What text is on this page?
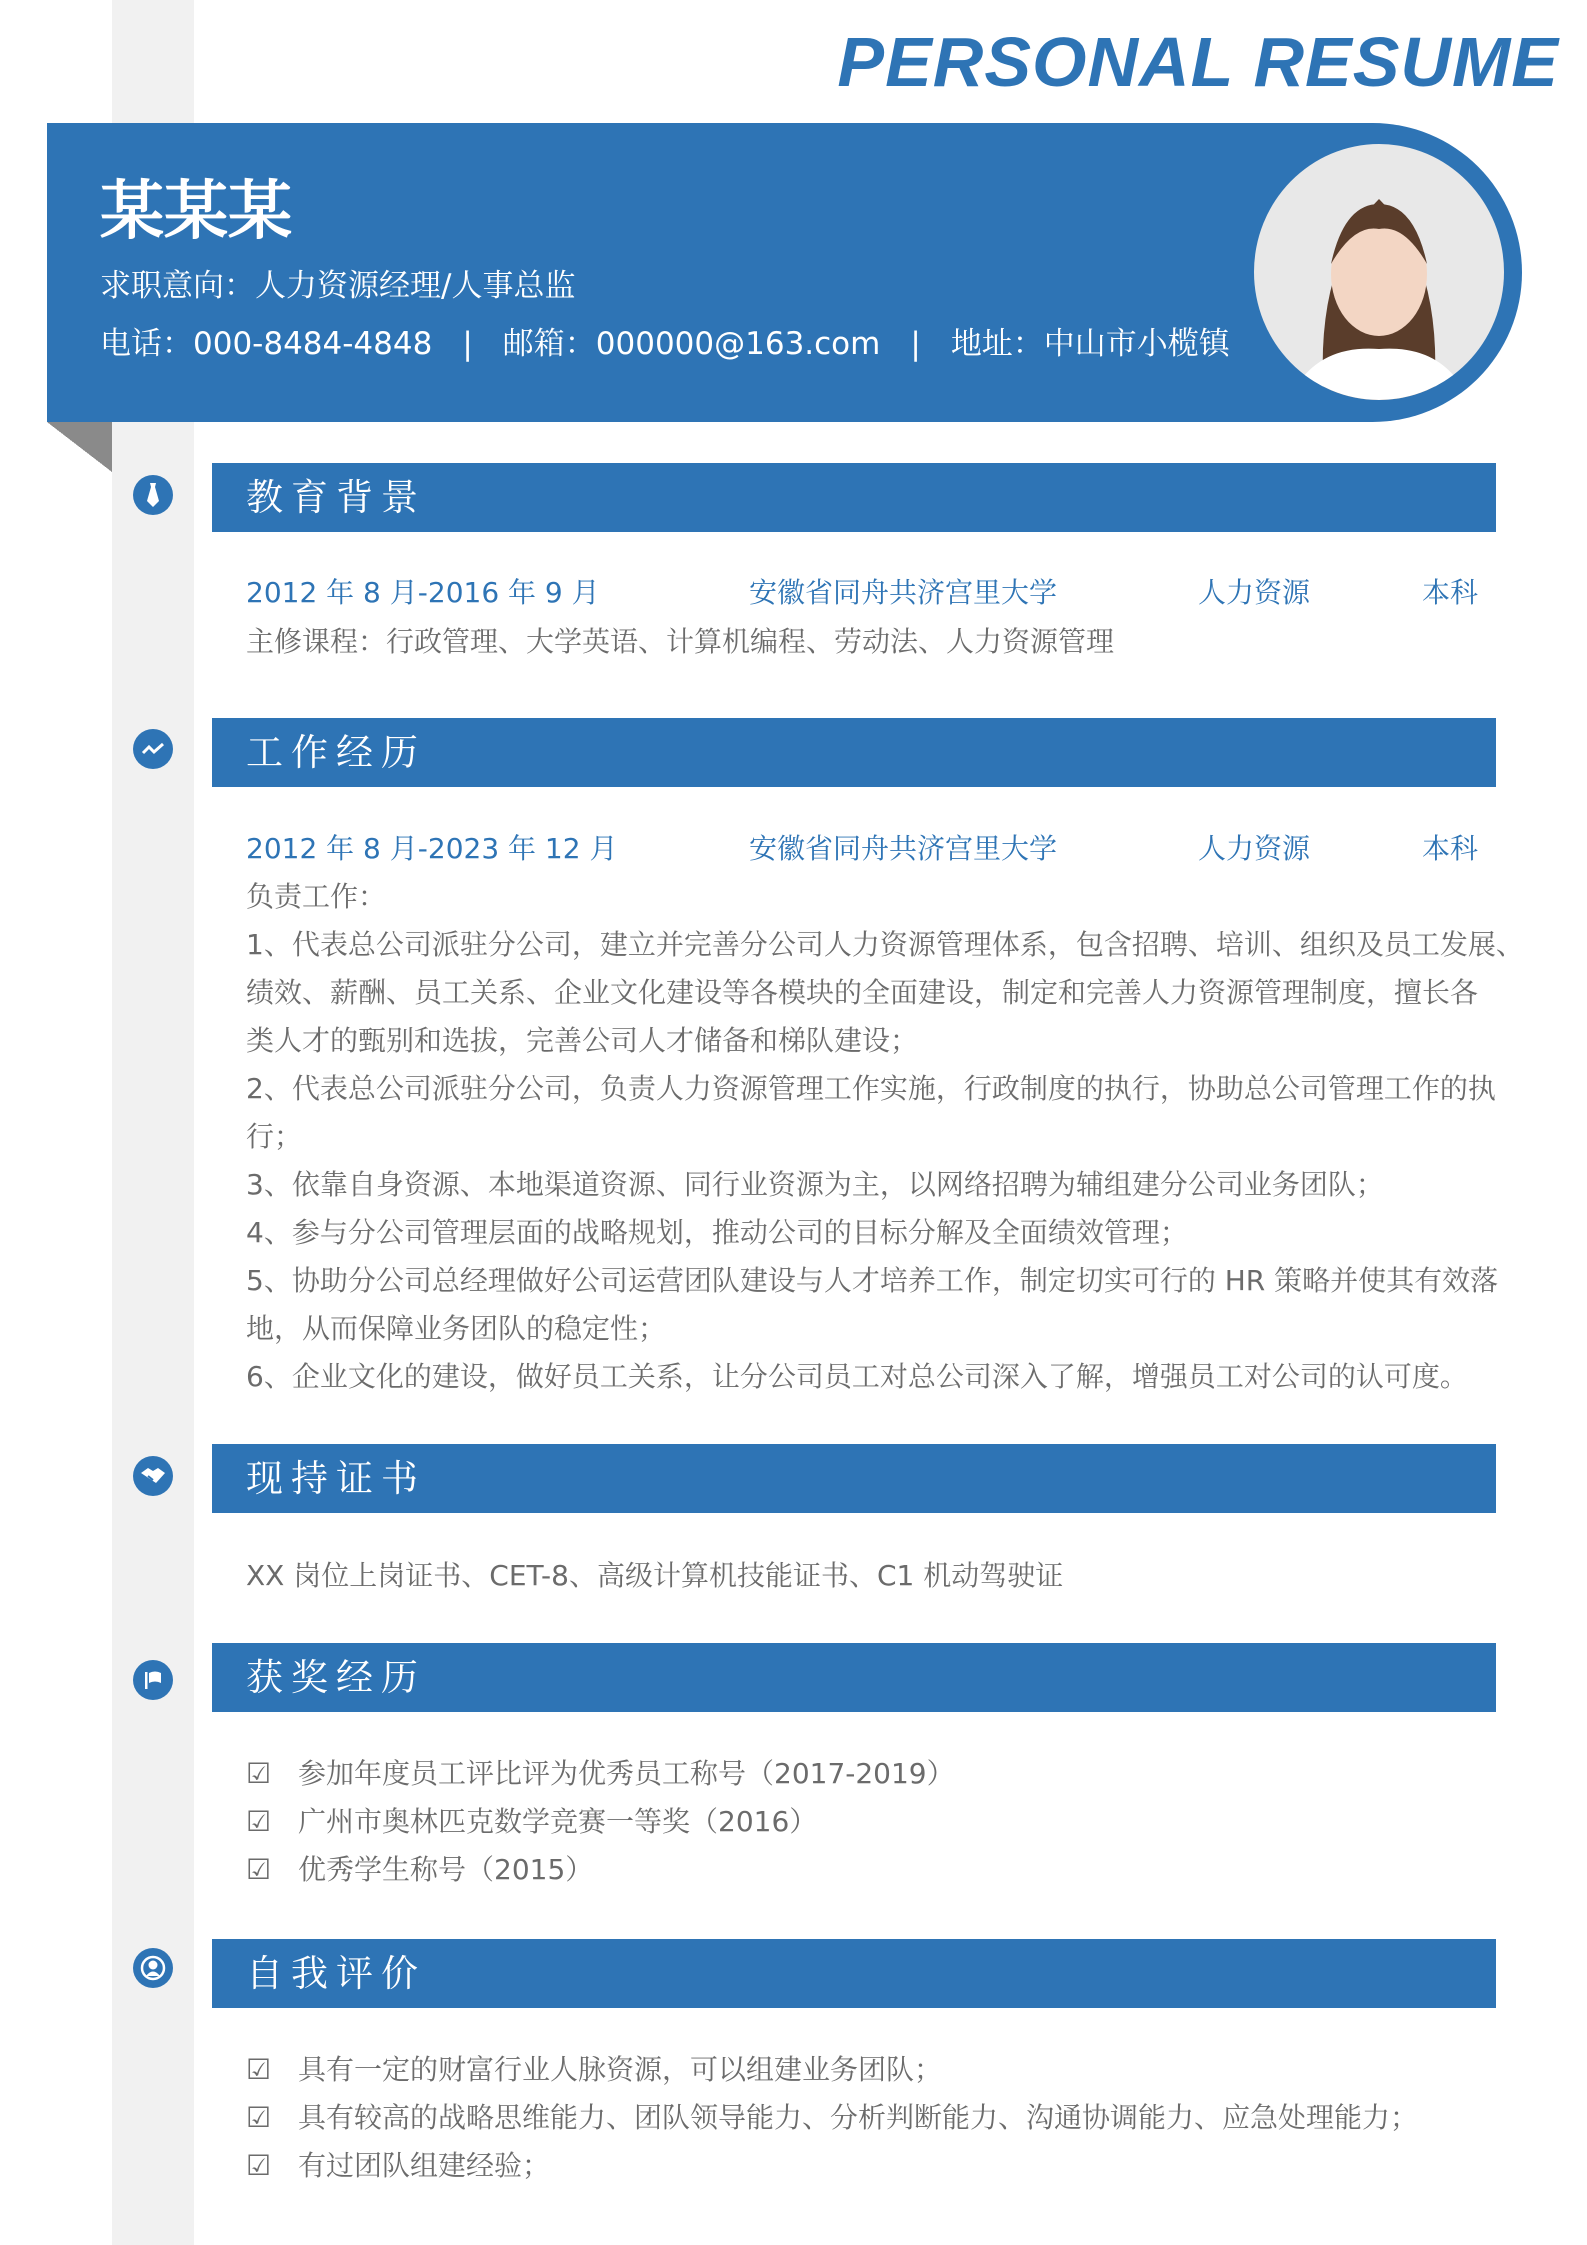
PERSONAL RESUME
某某某
求职意向：人力资源经理/人事总监
电话：000-8484-4848 | 邮箱：000000@163.com | 地址：中山市小榄镇
教育背景
2012 年 8 月-2016 年 9 月	安徽省同舟共济宫里大学	人力资源	本科
主修课程：行政管理、大学英语、计算机编程、劳动法、人力资源管理
工作经历
2012 年 8 月-2023 年 12 月	安徽省同舟共济宫里大学	人力资源	本科
负责工作：
1、代表总公司派驻分公司，建立并完善分公司人力资源管理体系，包含招聘、培训、组织及员工发展、
绩效、薪酬、员工关系、企业文化建设等各模块的全面建设，制定和完善人力资源管理制度，擅长各
类人才的甄别和选拔，完善公司人才储备和梯队建设；
2、代表总公司派驻分公司，负责人力资源管理工作实施，行政制度的执行，协助总公司管理工作的执
行；
3、依靠自身资源、本地渠道资源、同行业资源为主，以网络招聘为辅组建分公司业务团队；
4、参与分公司管理层面的战略规划，推动公司的目标分解及全面绩效管理；
5、协助分公司总经理做好公司运营团队建设与人才培养工作，制定切实可行的 HR 策略并使其有效落
地，从而保障业务团队的稳定性；
6、企业文化的建设，做好员工关系，让分公司员工对总公司深入了解，增强员工对公司的认可度。
现持证书
XX 岗位上岗证书、CET-8、高级计算机技能证书、C1 机动驾驶证
获奖经历
☑ 参加年度员工评比评为优秀员工称号（2017-2019）
☑ 广州市奥林匹克数学竞赛一等奖（2016）
☑ 优秀学生称号（2015）
自我评价
☑ 具有一定的财富行业人脉资源，可以组建业务团队；
☑ 具有较高的战略思维能力、团队领导能力、分析判断能力、沟通协调能力、应急处理能力；
☑ 有过团队组建经验；
